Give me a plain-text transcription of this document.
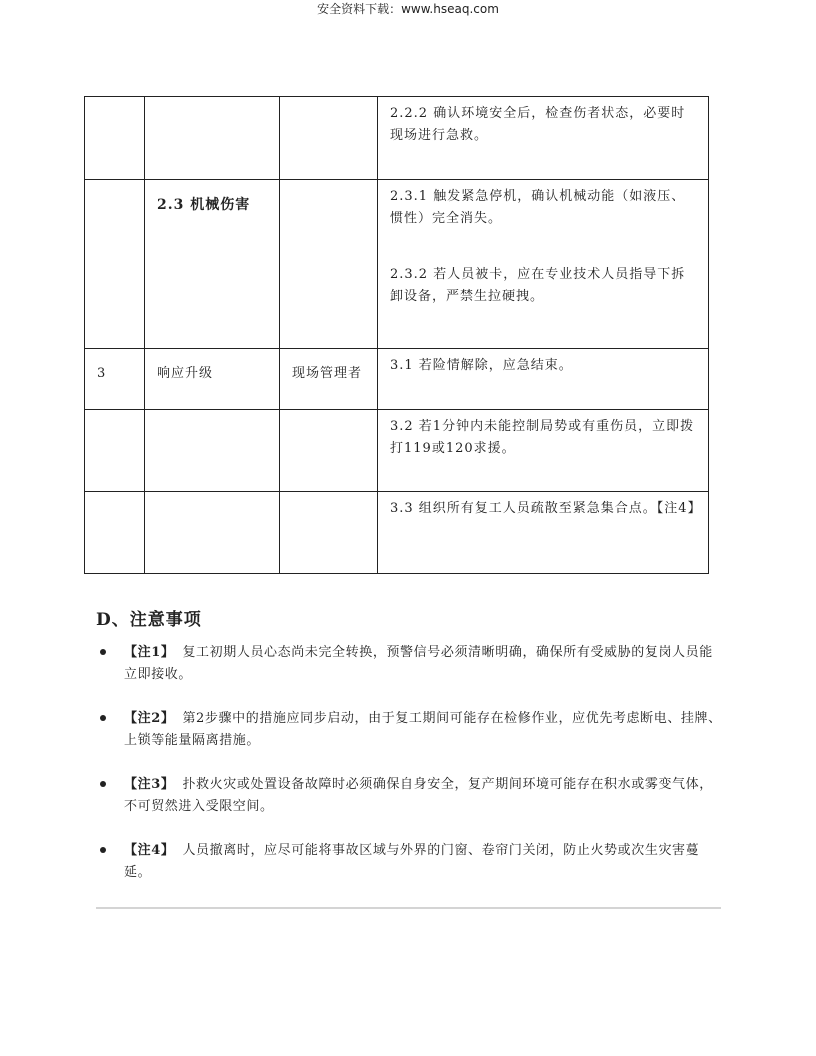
安全资料下载：www.hseaq.com

			2.2.2 确认环境安全后，检查伤者状态，必要时现场进行急救。

	2.3 机械伤害		2.3.1 触发紧急停机，确认机械动能（如液压、惯性）完全消失。
2.3.2 若人员被卡，应在专业技术人员指导下拆卸设备，严禁生拉硬拽。

3	响应升级	现场管理者	3.1 若险情解除，应急结束。

			3.2 若1分钟内未能控制局势或有重伤员，立即拨打119或120求援。

			3.3 组织所有复工人员疏散至紧急集合点。【注4】
D、注意事项
【注1】 复工初期人员心态尚未完全转换，预警信号必须清晰明确，确保所有受威胁的复岗人员能立即接收。
【注2】 第2步骤中的措施应同步启动，由于复工期间可能存在检修作业，应优先考虑断电、挂牌、上锁等能量隔离措施。
【注3】 扑救火灾或处置设备故障时必须确保自身安全，复产期间环境可能存在积水或雾变气体，不可贸然进入受限空间。
【注4】 人员撤离时，应尽可能将事故区域与外界的门窗、卷帘门关闭，防止火势或次生灾害蔓延。
